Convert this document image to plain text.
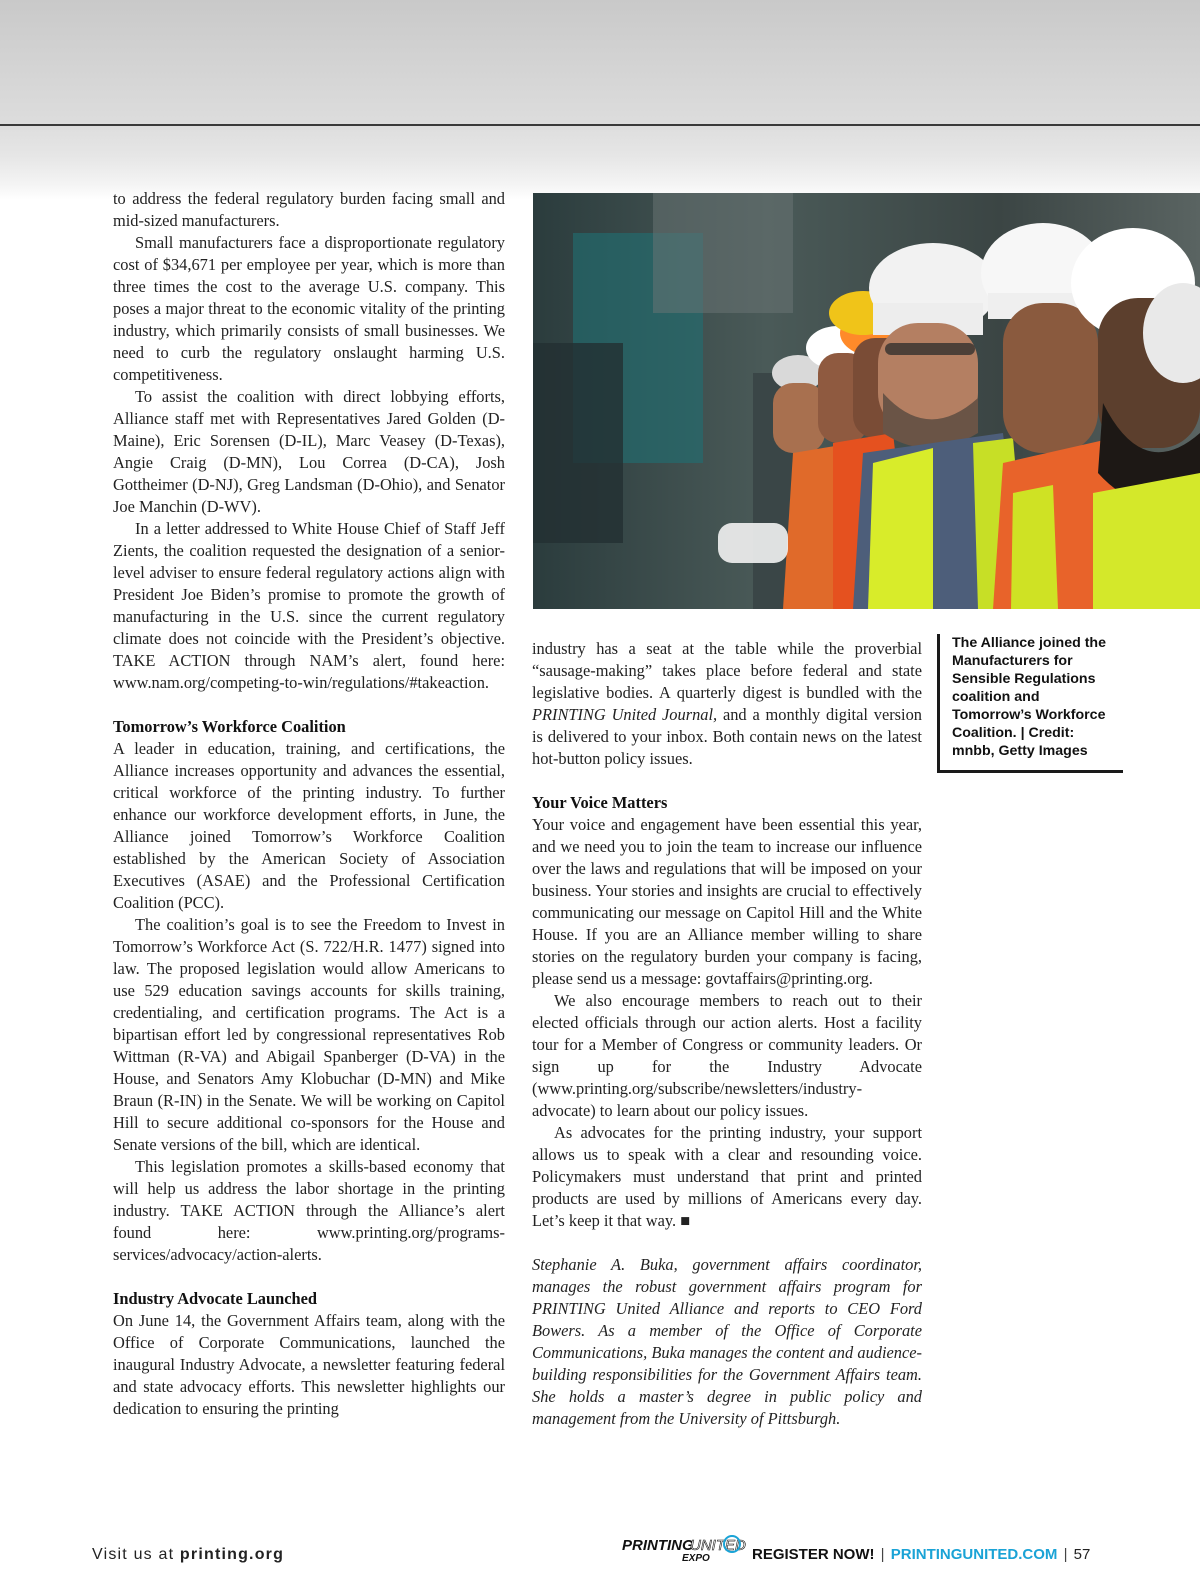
to address the federal regulatory burden facing small and mid-sized manufacturers.

Small manufacturers face a disproportionate regulatory cost of $34,671 per employee per year, which is more than three times the cost to the average U.S. company. This poses a major threat to the economic vitality of the printing industry, which primarily consists of small businesses. We need to curb the regulatory onslaught harming U.S. competitiveness.

To assist the coalition with direct lobbying efforts, Alliance staff met with Representatives Jared Golden (D-Maine), Eric Sorensen (D-IL), Marc Veasey (D-Texas), Angie Craig (D-MN), Lou Correa (D-CA), Josh Gottheimer (D-NJ), Greg Landsman (D-Ohio), and Senator Joe Manchin (D-WV).

In a letter addressed to White House Chief of Staff Jeff Zients, the coalition requested the designation of a senior-level adviser to ensure federal regulatory actions align with President Joe Biden’s promise to promote the growth of manufacturing in the U.S. since the current regulatory climate does not coincide with the President’s objective. TAKE ACTION through NAM’s alert, found here: www.nam.org/competing-to-win/regulations/#takeaction.

Tomorrow’s Workforce Coalition

A leader in education, training, and certifications, the Alliance increases opportunity and advances the essential, critical workforce of the printing industry. To further enhance our workforce development efforts, in June, the Alliance joined Tomorrow’s Workforce Coalition established by the American Society of Association Executives (ASAE) and the Professional Certification Coalition (PCC).

The coalition’s goal is to see the Freedom to Invest in Tomorrow’s Workforce Act (S. 722/H.R. 1477) signed into law. The proposed legislation would allow Americans to use 529 education savings accounts for skills training, credentialing, and certification programs. The Act is a bipartisan effort led by congressional representatives Rob Wittman (R-VA) and Abigail Spanberger (D-VA) in the House, and Senators Amy Klobuchar (D-MN) and Mike Braun (R-IN) in the Senate. We will be working on Capitol Hill to secure additional co-sponsors for the House and Senate versions of the bill, which are identical.

This legislation promotes a skills-based economy that will help us address the labor shortage in the printing industry. TAKE ACTION through the Alliance’s alert found here: www.printing.org/programs-services/advocacy/action-alerts.

Industry Advocate Launched

On June 14, the Government Affairs team, along with the Office of Corporate Communications, launched the inaugural Industry Advocate, a newsletter featuring federal and state advocacy efforts. This newsletter highlights our dedication to ensuring the printing

The Alliance joined the Manufacturers for Sensible Regulations coalition and Tomorrow’s Workforce Coalition. | Credit: mnbb, Getty Images

industry has a seat at the table while the proverbial “sausage-making” takes place before federal and state legislative bodies. A quarterly digest is bundled with the PRINTING United Journal, and a monthly digital version is delivered to your inbox. Both contain news on the latest hot-button policy issues.

Your Voice Matters

Your voice and engagement have been essential this year, and we need you to join the team to increase our influence over the laws and regulations that will be imposed on your business. Your stories and insights are crucial to effectively communicating our message on Capitol Hill and the White House. If you are an Alliance member willing to share stories on the regulatory burden your company is facing, please send us a message: govtaffairs@printing.org.

We also encourage members to reach out to their elected officials through our action alerts. Host a facility tour for a Member of Congress or community leaders. Or sign up for the Industry Advocate (www.printing.org/subscribe/newsletters/industry-advocate) to learn about our policy issues.

As advocates for the printing industry, your support allows us to speak with a clear and resounding voice. Policymakers must understand that print and printed products are used by millions of Americans every day. Let’s keep it that way. ■

Stephanie A. Buka, government affairs coordinator, manages the robust government affairs program for PRINTING United Alliance and reports to CEO Ford Bowers. As a member of the Office of Corporate Communications, Buka manages the content and audience-building responsibilities for the Government Affairs team. She holds a master’s degree in public policy and management from the University of Pittsburgh.

Visit us at printing.org
PRINTING
UNITED
EXPO	REGISTER NOW! | PRINTINGUNITED.COM | 57
